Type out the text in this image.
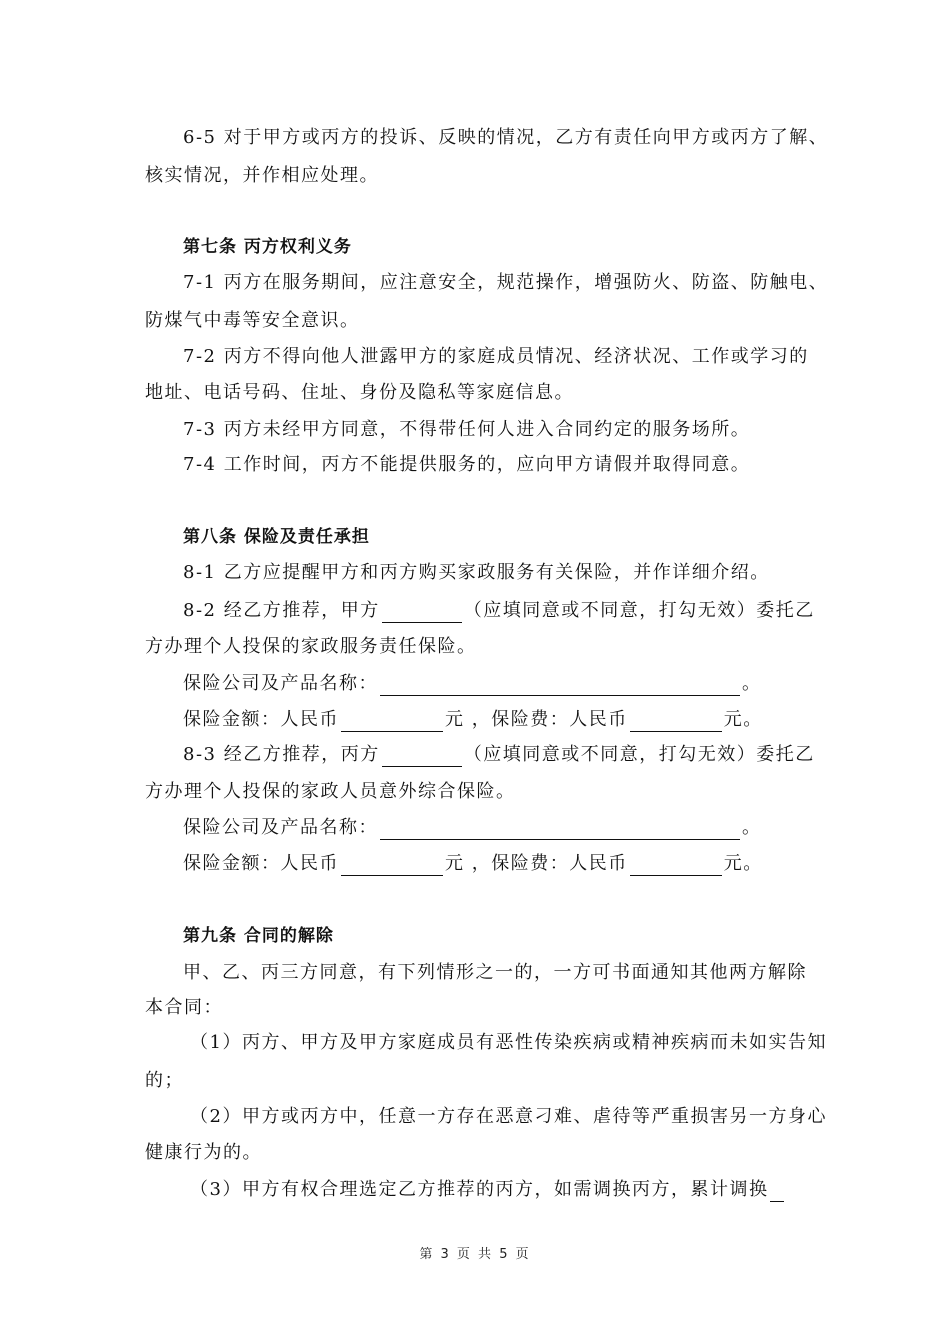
6-5 对于甲方或丙方的投诉、反映的情况，乙方有责任向甲方或丙方了解、
核实情况，并作相应处理。
第七条 丙方权利义务
7-1 丙方在服务期间，应注意安全，规范操作，增强防火、防盗、防触电、
防煤气中毒等安全意识。
7-2 丙方不得向他人泄露甲方的家庭成员情况、经济状况、工作或学习的
地址、电话号码、住址、身份及隐私等家庭信息。
7-3 丙方未经甲方同意，不得带任何人进入合同约定的服务场所。
7-4 工作时间，丙方不能提供服务的，应向甲方请假并取得同意。
第八条 保险及责任承担
8-1 乙方应提醒甲方和丙方购买家政服务有关保险，并作详细介绍。
8-2 经乙方推荐，甲方	（应填同意或不同意，打勾无效）委托乙
方办理个人投保的家政服务责任保险。
保险公司及产品名称：	。
保险金额：人民币	元 ，保险费：人民币	元。
8-3 经乙方推荐，丙方	（应填同意或不同意，打勾无效）委托乙
方办理个人投保的家政人员意外综合保险。
保险公司及产品名称：	。
保险金额：人民币	元 ，保险费：人民币	元。
第九条 合同的解除
甲、乙、丙三方同意，有下列情形之一的，一方可书面通知其他两方解除
本合同：
（1）丙方、甲方及甲方家庭成员有恶性传染疾病或精神疾病而未如实告知
的；
（2）甲方或丙方中，任意一方存在恶意刁难、虐待等严重损害另一方身心
健康行为的。
（3）甲方有权合理选定乙方推荐的丙方，如需调换丙方，累计调换
第 3 页 共 5 页
